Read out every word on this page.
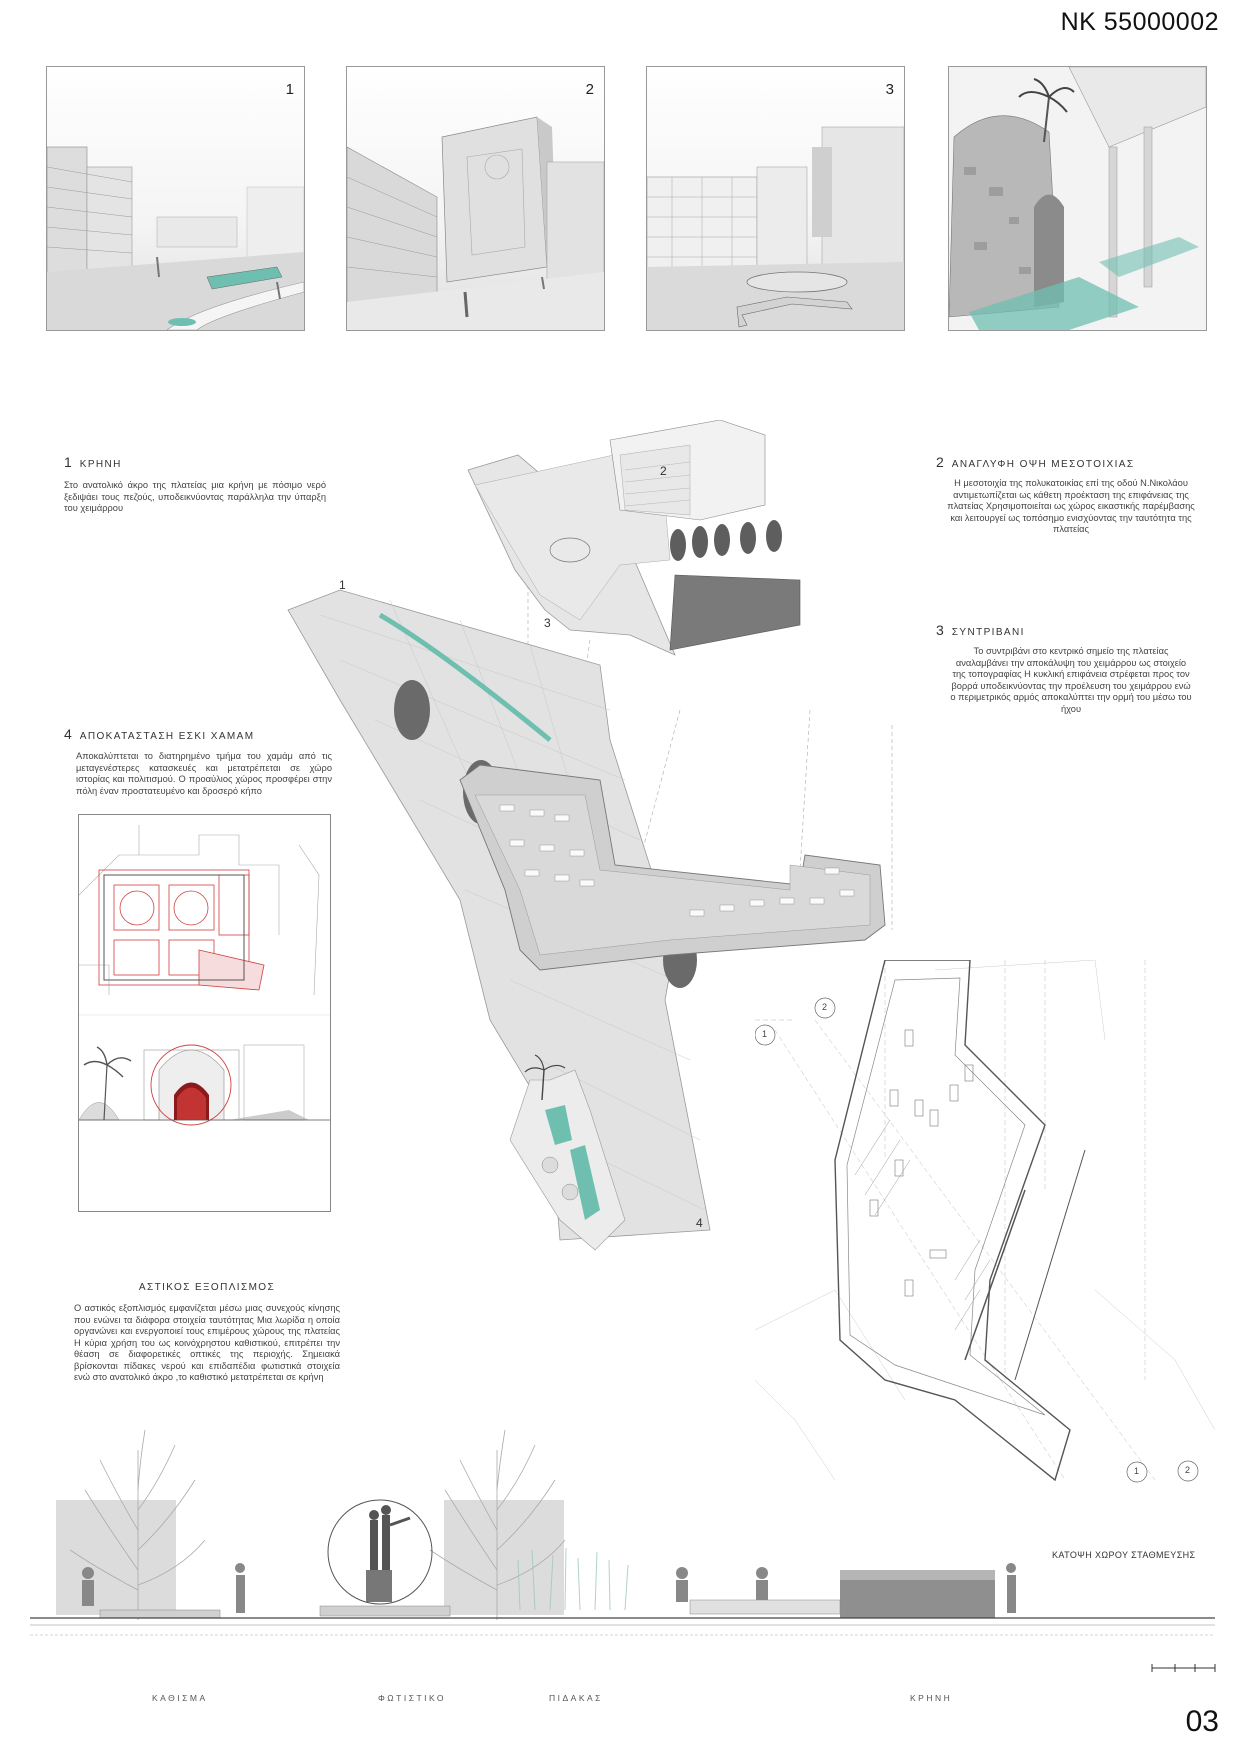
NK 55000002
1	2	3
1 ΚΡΗΝΗ
Στο ανατολικό άκρο της πλατείας μια κρήνη με πόσιμο νερό ξεδιψάει τους πεζούς, υποδεικνύοντας παράλληλα την ύπαρξη του χειμάρρου
2 ΑΝΑΓΛΥΦΗ ΟΨΗ ΜΕΣΟΤΟΙΧΙΑΣ
Η μεσοτοιχία της πολυκατοικίας επί της οδού Ν.Νικολάου αντιμετωπίζεται ως κάθετη προέκταση της επιφάνειας της πλατείας Χρησιμοποιείται ως χώρος εικαστικής παρέμβασης και λειτουργεί ως τοπόσημο ενισχύοντας την ταυτότητα της πλατείας
3 ΣΥΝΤΡΙΒΑΝΙ
Το συντριβάνι στο κεντρικό σημείο της πλατείας αναλαμβάνει την αποκάλυψη του χειμάρρου ως στοιχείο της τοπογραφίας Η κυκλική επιφάνεια στρέφεται προς τον βορρά υποδεικνύοντας την προέλευση του χειμάρρου ενώ ο περιμετρικός αρμός αποκαλύπτει την ορμή του μέσω του ήχου
4 ΑΠΟΚΑΤΑΣΤΑΣΗ ΕΣΚΙ ΧΑΜΑΜ
Αποκαλύπτεται το διατηρημένο τμήμα του χαμάμ από τις μεταγενέστερες κατασκευές και μετατρέπεται σε χώρο ιστορίας και πολιτισμού. Ο προαύλιος χώρος προσφέρει στην πόλη έναν προστατευμένο και δροσερό κήπο
ΑΣΤΙΚΟΣ ΕΞΟΠΛΙΣΜΟΣ
Ο αστικός εξοπλισμός εμφανίζεται μέσω μιας συνεχούς κίνησης που ενώνει τα διάφορα στοιχεία ταυτότητας Μια λωρίδα η οποία οργανώνει και ενεργοποιεί τους επιμέρους χώρους της πλατείας Η κύρια χρήση του ως κοινόχρηστου καθιστικού, επιτρέπει την θέαση σε διαφορετικές οπτικές της περιοχής. Σημειακά βρίσκονται πίδακες νερού και επιδαπέδια φωτιστικά στοιχεία ενώ στο ανατολικό άκρο ,το καθιστικό μετατρέπεται σε κρήνη
1
2
3
4
1
2
1	2
ΚΑΤΟΨΗ ΧΩΡΟΥ ΣΤΑΘΜΕΥΣΗΣ
ΚΑΘΙΣΜΑ	ΦΩΤΙΣΤΙΚΟ	ΠΙΔΑΚΑΣ	ΚΡΗΝΗ
03
